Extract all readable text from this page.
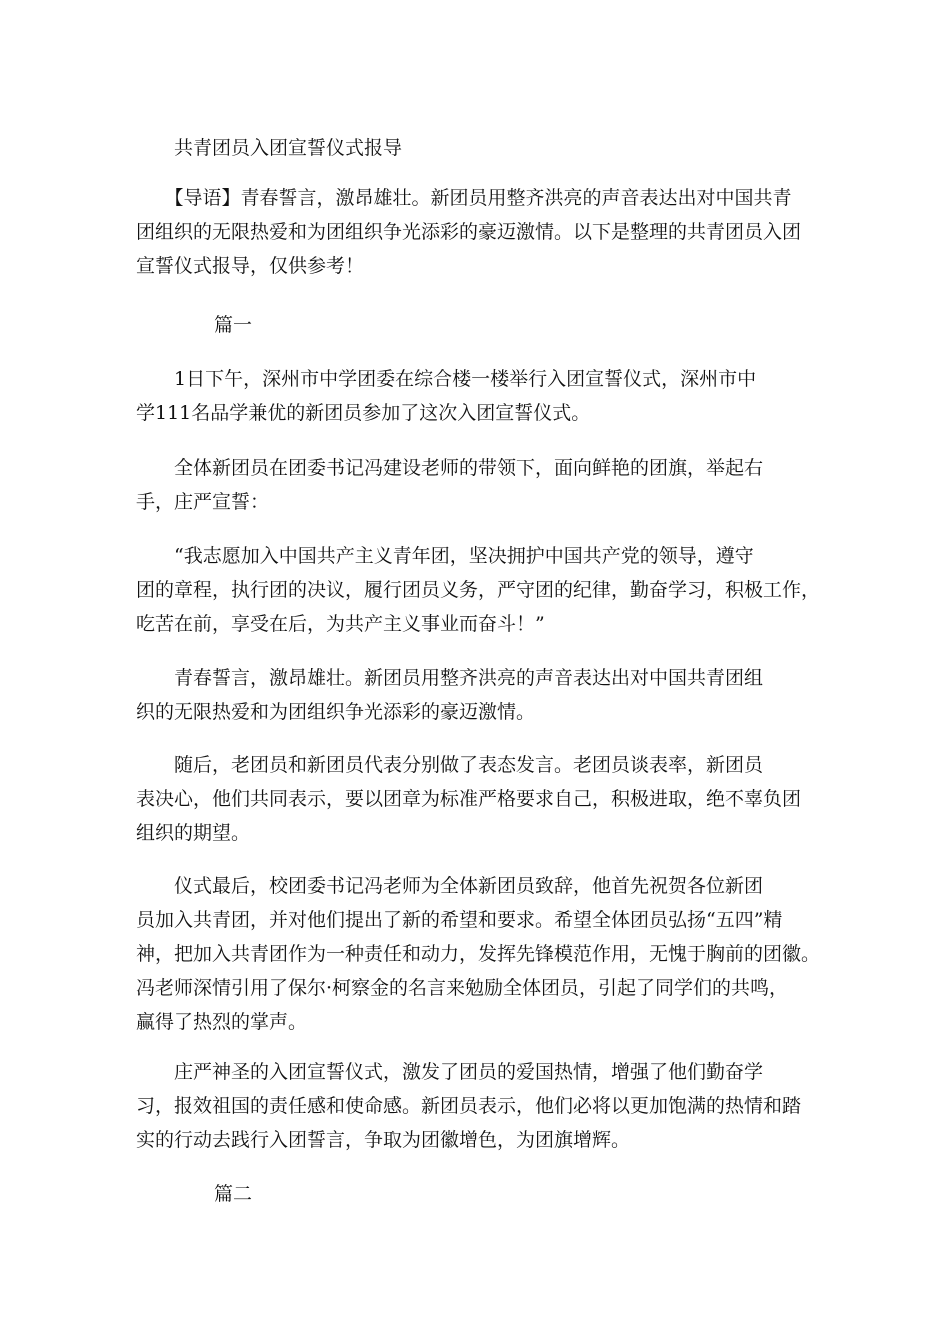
共青团员入团宣誓仪式报导
　　【导语】青春誓言，激昂雄壮。新团员用整齐洪亮的声音表达出对中国共青
团组织的无限热爱和为团组织争光添彩的豪迈激情。以下是整理的共青团员入团
宣誓仪式报导，仅供参考！
篇一
　　1日下午，深州市中学团委在综合楼一楼举行入团宣誓仪式，深州市中
学111名品学兼优的新团员参加了这次入团宣誓仪式。
　　全体新团员在团委书记冯建设老师的带领下，面向鲜艳的团旗，举起右
手，庄严宣誓：
　　“我志愿加入中国共产主义青年团，坚决拥护中国共产党的领导，遵守
团的章程，执行团的决议，履行团员义务，严守团的纪律，勤奋学习，积极工作，
吃苦在前，享受在后，为共产主义事业而奋斗！”
　　青春誓言，激昂雄壮。新团员用整齐洪亮的声音表达出对中国共青团组
织的无限热爱和为团组织争光添彩的豪迈激情。
　　随后，老团员和新团员代表分别做了表态发言。老团员谈表率，新团员
表决心，他们共同表示，要以团章为标准严格要求自己，积极进取，绝不辜负团
组织的期望。
　　仪式最后，校团委书记冯老师为全体新团员致辞，他首先祝贺各位新团
员加入共青团，并对他们提出了新的希望和要求。希望全体团员弘扬“五四”精
神，把加入共青团作为一种责任和动力，发挥先锋模范作用，无愧于胸前的团徽。
冯老师深情引用了保尔·柯察金的名言来勉励全体团员，引起了同学们的共鸣，
赢得了热烈的掌声。
　　庄严神圣的入团宣誓仪式，激发了团员的爱国热情，增强了他们勤奋学
习，报效祖国的责任感和使命感。新团员表示，他们必将以更加饱满的热情和踏
实的行动去践行入团誓言，争取为团徽增色，为团旗增辉。
篇二
